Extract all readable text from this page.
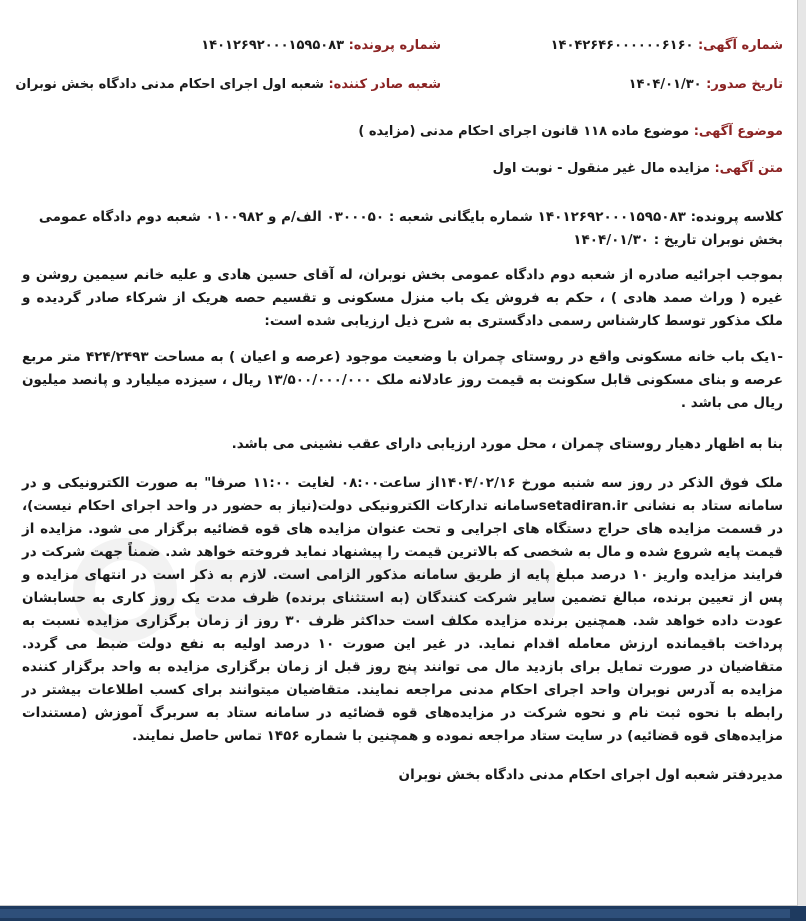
شماره آگهی: ۱۴۰۴۲۶۴۶۰۰۰۰۰۰۶۱۶۰
شماره پرونده: ۱۴۰۱۲۶۹۲۰۰۰۱۵۹۵۰۸۳
تاریخ صدور: ۱۴۰۴/۰۱/۳۰
شعبه صادر کننده: شعبه اول اجرای احکام مدنی دادگاه بخش نوبران
موضوع آگهی: موضوع ماده ۱۱۸ قانون اجرای احکام مدنی (مزایده )
متن آگهی: مزایده مال غیر منقول - نوبت اول
کلاسه پرونده: ۱۴۰۱۲۶۹۲۰۰۰۱۵۹۵۰۸۳ شماره بایگانی شعبه : ۰۳۰۰۰۵۰ الف/م و ۰۱۰۰۹۸۲ شعبه دوم دادگاه عمومی
بخش نوبران تاریخ : ۱۴۰۴/۰۱/۳۰
بموجب اجرائیه صادره از شعبه دوم دادگاه عمومی بخش نوبران، له آقای حسین هادی و علیه خانم سیمین روشن و غیره ( وراث صمد هادی ) ، حکم به فروش یک باب منزل مسکونی و تقسیم حصه هریک از شرکاء صادر گردیده و ملک مذکور توسط کارشناس رسمی دادگستری به شرح ذیل ارزیابی شده است:
-۱یک باب خانه مسکونی واقع در روستای چمران با وضعیت موجود (عرصه و اعیان ) به مساحت ۴۲۴/۲۴۹۳ متر مربع عرصه و بنای مسکونی قابل سکونت به قیمت روز عادلانه ملک ۱۳/۵۰۰/۰۰۰/۰۰۰ ریال ، سیزده میلیارد و پانصد میلیون ریال می باشد .
بنا به اظهار دهیار روستای چمران ، محل مورد ارزیابی دارای عقب نشینی می باشد.
ملک فوق الذکر در روز سه شنبه مورخ ۱۴۰۴/۰۲/۱۶از ساعت۰۸:۰۰ لغایت ۱۱:۰۰ صرفا" به صورت الکترونیکی و در سامانه ستاد به نشانی setadiran.irسامانه تدارکات الکترونیکی دولت(نیاز به حضور در واحد اجرای احکام نیست)، در قسمت مزایده های حراج دستگاه های اجرایی و تحت عنوان مزایده های قوه قضائیه برگزار می شود. مزایده از قیمت پایه شروع شده و مال به شخصی که بالاترین قیمت را پیشنهاد نماید فروخته خواهد شد. ضمناً جهت شرکت در فرایند مزایده واریز ۱۰ درصد مبلغ پایه از طریق سامانه مذکور الزامی است. لازم به ذکر است در انتهای مزایده و پس از تعیین برنده، مبالغ تضمین سایر شرکت کنندگان (به استثنای برنده) ظرف مدت یک روز کاری به حسابشان عودت داده خواهد شد. همچنین برنده مزایده مکلف است حداکثر ظرف ۳۰ روز از زمان برگزاری مزایده نسبت به پرداخت باقیمانده ارزش معامله اقدام نماید. در غیر این صورت ۱۰ درصد اولیه به نفع دولت ضبط می گردد. متقاضیان در صورت تمایل برای بازدید مال می توانند پنج روز قبل از زمان برگزاری مزایده به واحد برگزار کننده مزایده به آدرس نوبران واحد اجرای احکام مدنی مراجعه نمایند. متقاضیان میتوانند برای کسب اطلاعات بیشتر در رابطه با نحوه ثبت نام و نحوه شرکت در مزایده‌های قوه قضائیه در سامانه ستاد به سربرگ آموزش (مستندات مزایده‌های قوه قضائیه) در سایت ستاد مراجعه نموده و همچنین با شماره ۱۴۵۶ تماس حاصل نمایند.
مدیردفتر شعبه اول اجرای احکام مدنی دادگاه بخش نوبران
